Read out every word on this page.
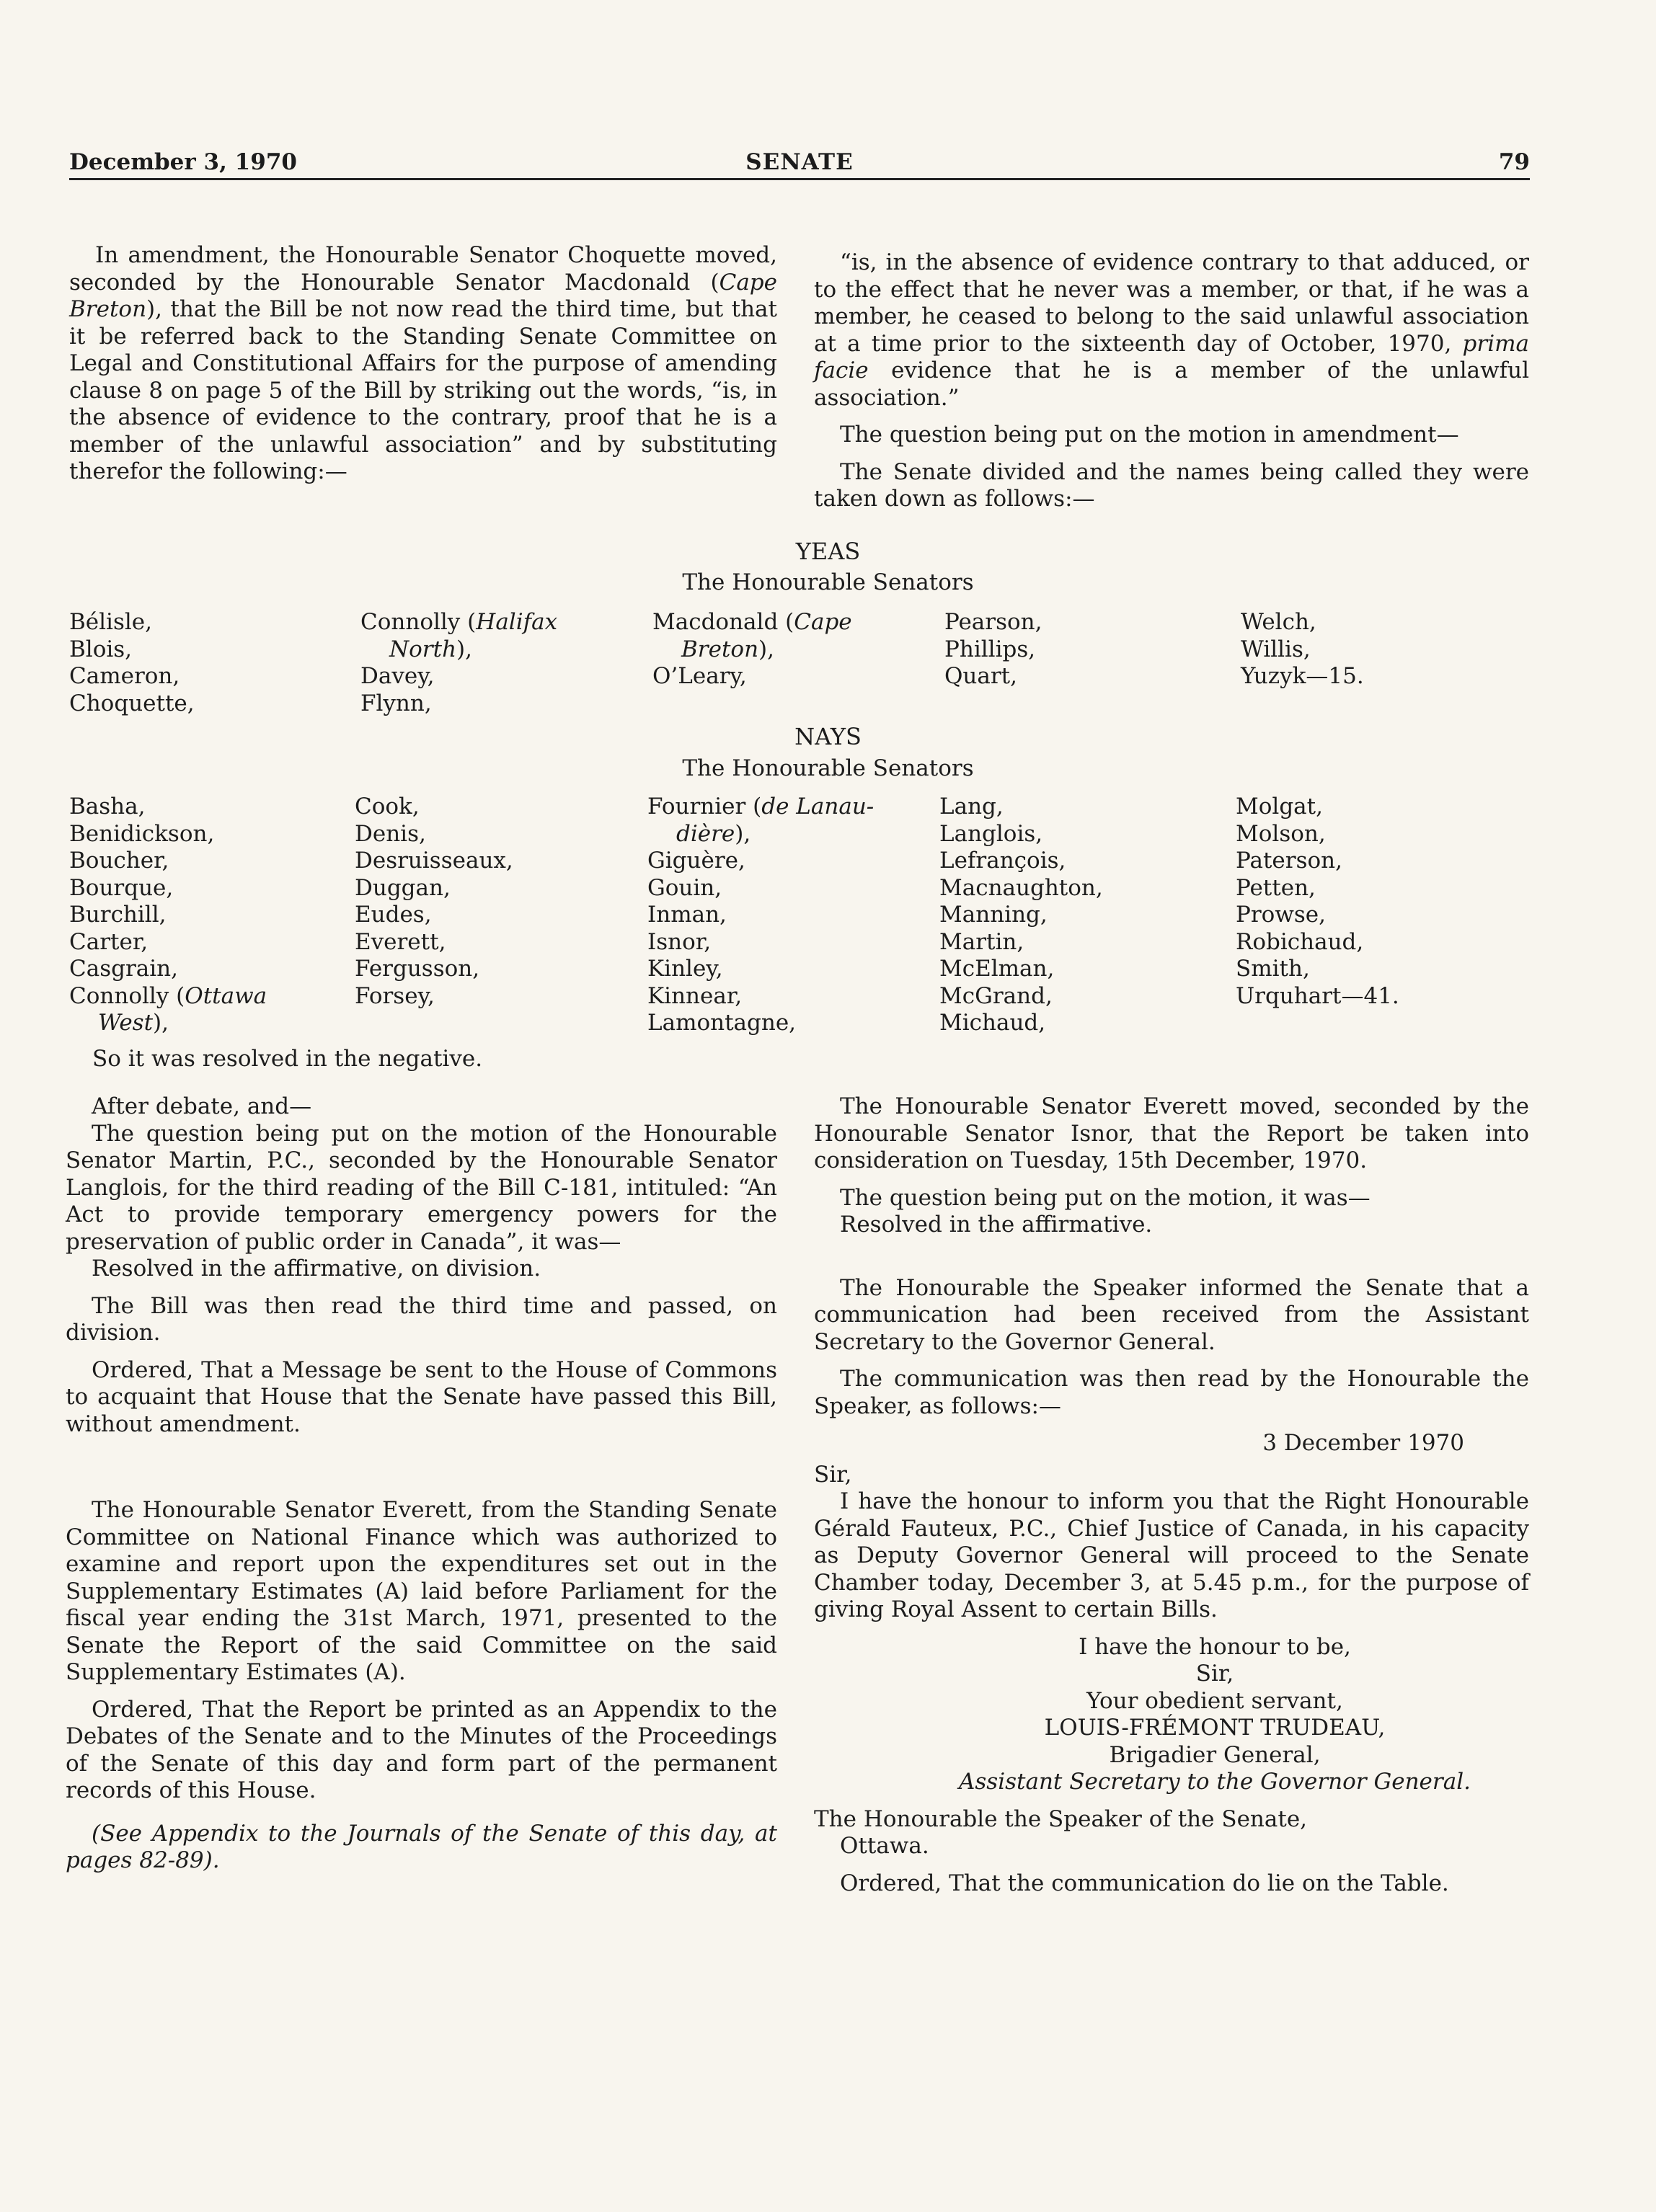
December 3, 1970	SENATE	79

In amendment, the Honourable Senator Choquette moved, seconded by the Honourable Senator Macdonald (Cape Breton), that the Bill be not now read the third time, but that it be referred back to the Standing Senate Committee on Legal and Constitutional Affairs for the purpose of amending clause 8 on page 5 of the Bill by striking out the words, “is, in the absence of evidence to the contrary, proof that he is a member of the unlawful association” and by substituting therefor the following:—

“is, in the absence of evidence contrary to that adduced, or to the effect that he never was a member, or that, if he was a member, he ceased to belong to the said unlawful association at a time prior to the sixteenth day of October, 1970, prima facie evidence that he is a member of the unlawful association.”

The question being put on the motion in amendment—

The Senate divided and the names being called they were taken down as follows:—

YEAS
The Honourable Senators
Bélisle,
Blois,
Cameron,
Choquette,
Connolly (Halifax
North),
Davey,
Flynn,
Macdonald (Cape
Breton),
O’Leary,
Pearson,
Phillips,
Quart,
Welch,
Willis,
Yuzyk—15.
NAYS
The Honourable Senators
Basha,
Benidickson,
Boucher,
Bourque,
Burchill,
Carter,
Casgrain,
Connolly (Ottawa
West),
Cook,
Denis,
Desruisseaux,
Duggan,
Eudes,
Everett,
Fergusson,
Forsey,
Fournier (de Lanau-
dière),
Giguère,
Gouin,
Inman,
Isnor,
Kinley,
Kinnear,
Lamontagne,
Lang,
Langlois,
Lefrançois,
Macnaughton,
Manning,
Martin,
McElman,
McGrand,
Michaud,
Molgat,
Molson,
Paterson,
Petten,
Prowse,
Robichaud,
Smith,
Urquhart—41.
So it was resolved in the negative.

After debate, and—

The question being put on the motion of the Honourable Senator Martin, P.C., seconded by the Honourable Senator Langlois, for the third reading of the Bill C-181, intituled: “An Act to provide temporary emergency powers for the preservation of public order in Canada”, it was—

Resolved in the affirmative, on division.

The Bill was then read the third time and passed, on division.

Ordered, That a Message be sent to the House of Commons to acquaint that House that the Senate have passed this Bill, without amendment.

The Honourable Senator Everett, from the Standing Senate Committee on National Finance which was authorized to examine and report upon the expenditures set out in the Supplementary Estimates (A) laid before Parliament for the fiscal year ending the 31st March, 1971, presented to the Senate the Report of the said Committee on the said Supplementary Estimates (A).

Ordered, That the Report be printed as an Appendix to the Debates of the Senate and to the Minutes of the Proceedings of the Senate of this day and form part of the permanent records of this House.

(See Appendix to the Journals of the Senate of this day, at pages 82-89).

The Honourable Senator Everett moved, seconded by the Honourable Senator Isnor, that the Report be taken into consideration on Tuesday, 15th December, 1970.

The question being put on the motion, it was—

Resolved in the affirmative.

The Honourable the Speaker informed the Senate that a communication had been received from the Assistant Secretary to the Governor General.

The communication was then read by the Honourable the Speaker, as follows:—

3 December 1970

Sir,

I have the honour to inform you that the Right Honourable Gérald Fauteux, P.C., Chief Justice of Canada, in his capacity as Deputy Governor General will proceed to the Senate Chamber today, December 3, at 5.45 p.m., for the purpose of giving Royal Assent to certain Bills.

I have the honour to be,
Sir,
Your obedient servant,
LOUIS-FRÉMONT TRUDEAU,
Brigadier General,
Assistant Secretary to the Governor General.

The Honourable the Speaker of the Senate,

Ottawa.

Ordered, That the communication do lie on the Table.
